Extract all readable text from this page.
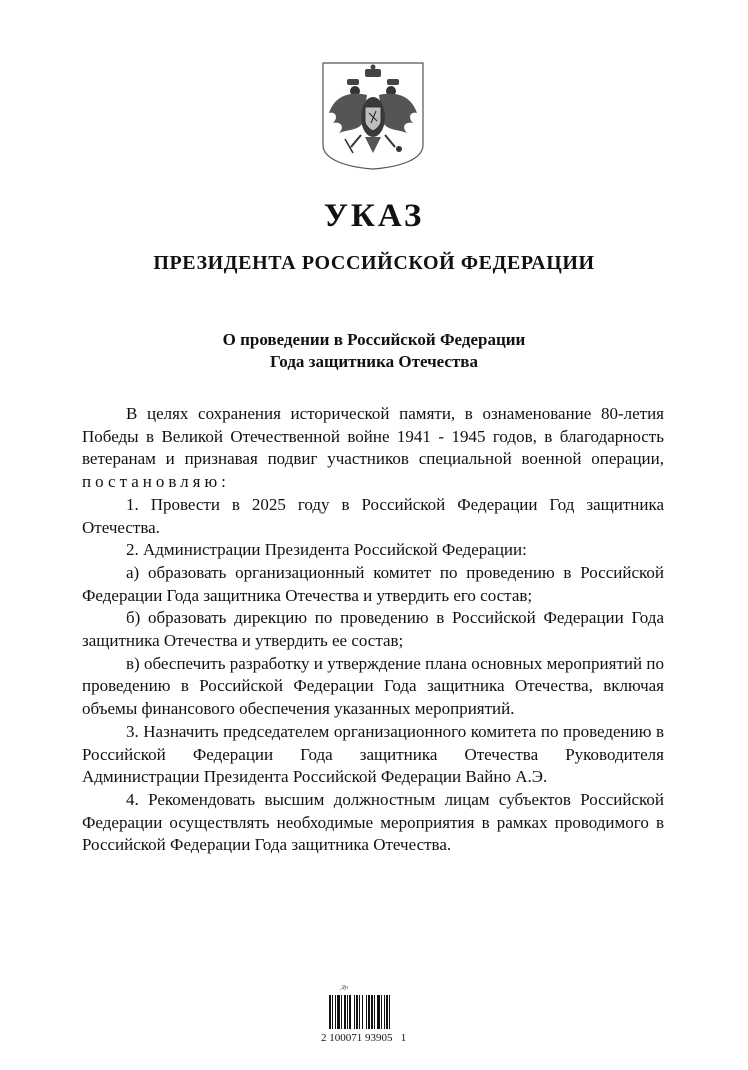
УКАЗ
ПРЕЗИДЕНТА РОССИЙСКОЙ ФЕДЕРАЦИИ
О проведении в Российской Федерации
Года защитника Отечества

В целях сохранения исторической памяти, в ознаменование 80-летия Победы в Великой Отечественной войне 1941 - 1945 годов, в благодарность ветеранам и признавая подвиг участников специальной военной операции, постановляю:

1. Провести в 2025 году в Российской Федерации Год защитника Отечества.

2. Администрации Президента Российской Федерации:

а) образовать организационный комитет по проведению в Российской Федерации Года защитника Отечества и утвердить его состав;

б) образовать дирекцию по проведению в Российской Федерации Года защитника Отечества и утвердить ее состав;

в) обеспечить разработку и утверждение плана основных мероприятий по проведению в Российской Федерации Года защитника Отечества, включая объемы финансового обеспечения указанных мероприятий.

3. Назначить председателем организационного комитета по проведению в Российской Федерации Года защитника Отечества Руководителя Администрации Президента Российской Федерации Вайно А.Э.

4. Рекомендовать высшим должностным лицам субъектов Российской Федерации осуществлять необходимые мероприятия в рамках проводимого в Российской Федерации Года защитника Отечества.

Дп
2 100071 93905   1
